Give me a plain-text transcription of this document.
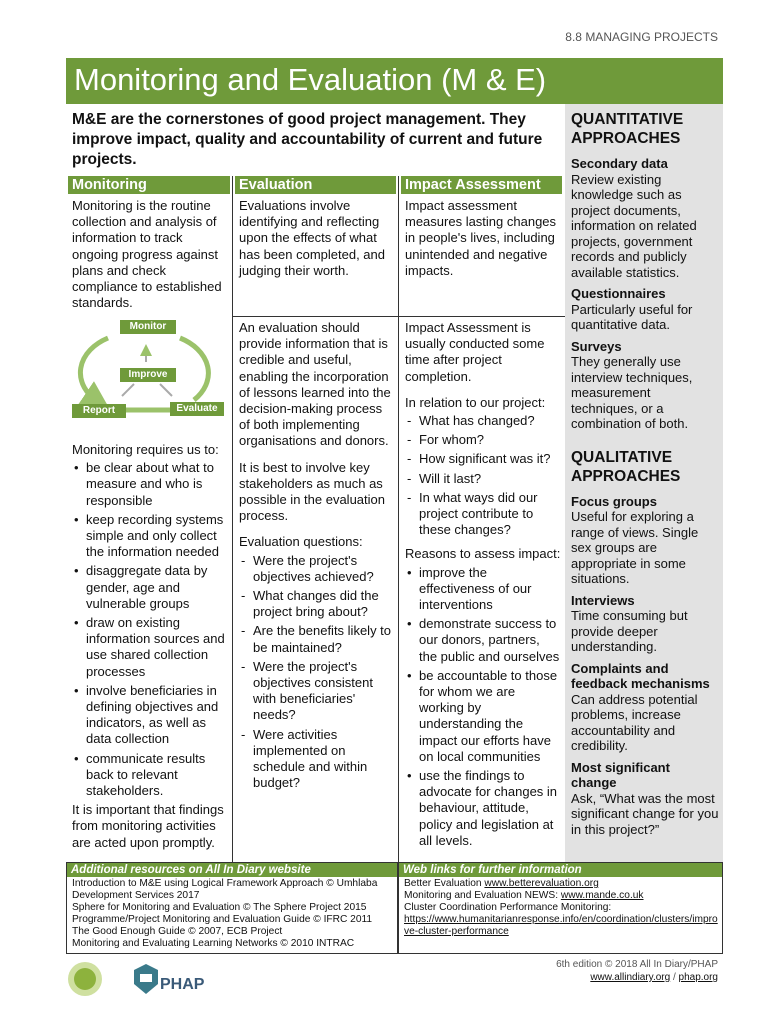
8.8 MANAGING PROJECTS
Monitoring and Evaluation (M & E)
M&E are the cornerstones of good project management. They improve impact, quality and accountability of current and future projects.
Monitoring	Evaluation	Impact Assessment
Monitoring is the routine collection and analysis of information to track ongoing progress against plans and check compliance to established standards.
Monitor
Improve
Report	Evaluate
Monitoring requires us to:
• be clear about what to measure and who is responsible
• keep recording systems simple and only collect the information needed
• disaggregate data by gender, age and vulnerable groups
• draw on existing information sources and use shared collection processes
• involve beneficiaries in defining objectives and indicators, as well as data collection
• communicate results back to relevant stakeholders.
It is important that findings from monitoring activities are acted upon promptly.
Evaluations involve identifying and reflecting upon the effects of what has been completed, and judging their worth.

An evaluation should provide information that is credible and useful, enabling the incorporation of lessons learned into the decision-making process of both implementing organisations and donors.

It is best to involve key stakeholders as much as possible in the evaluation process.

Evaluation questions:
- Were the project's objectives achieved?
- What changes did the project bring about?
- Are the benefits likely to be maintained?
- Were the project's objectives consistent with beneficiaries' needs?
- Were activities implemented on schedule and within budget?
Impact assessment measures lasting changes in people's lives, including unintended and negative impacts.

Impact Assessment is usually conducted some time after project completion.

In relation to our project:
- What has changed?
- For whom?
- How significant was it?
- Will it last?
- In what ways did our project contribute to these changes?
Reasons to assess impact:
• improve the effectiveness of our interventions
• demonstrate success to our donors, partners, the public and ourselves
• be accountable to those for whom we are working by understanding the impact our efforts have on local communities
• use the findings to advocate for changes in behaviour, attitude, policy and legislation at all levels.
QUANTITATIVE APPROACHES
Secondary data
Review existing knowledge such as project documents, information on related projects, government records and publicly available statistics.
Questionnaires
Particularly useful for quantitative data.
Surveys
They generally use interview techniques, measurement techniques, or a combination of both.
QUALITATIVE APPROACHES
Focus groups
Useful for exploring a range of views. Single sex groups are appropriate in some situations.
Interviews
Time consuming but provide deeper understanding.
Complaints and feedback mechanisms
Can address potential problems, increase accountability and credibility.
Most significant change
Ask, “What was the most significant change for you in this project?”
Additional resources on All In Diary website
Introduction to M&E using Logical Framework Approach © Umhlaba Development Services 2017
Sphere for Monitoring and Evaluation © The Sphere Project 2015
Programme/Project Monitoring and Evaluation Guide © IFRC 2011
The Good Enough Guide © 2007, ECB Project
Monitoring and Evaluating Learning Networks © 2010 INTRAC
Web links for further information
Better Evaluation www.betterevaluation.org
Monitoring and Evaluation NEWS: www.mande.co.uk
Cluster Coordination Performance Monitoring:
https://www.humanitarianresponse.info/en/coordination/clusters/improve-cluster-performance
PHAP
6th edition © 2018 All In Diary/PHAP
www.allindiary.org / phap.org
